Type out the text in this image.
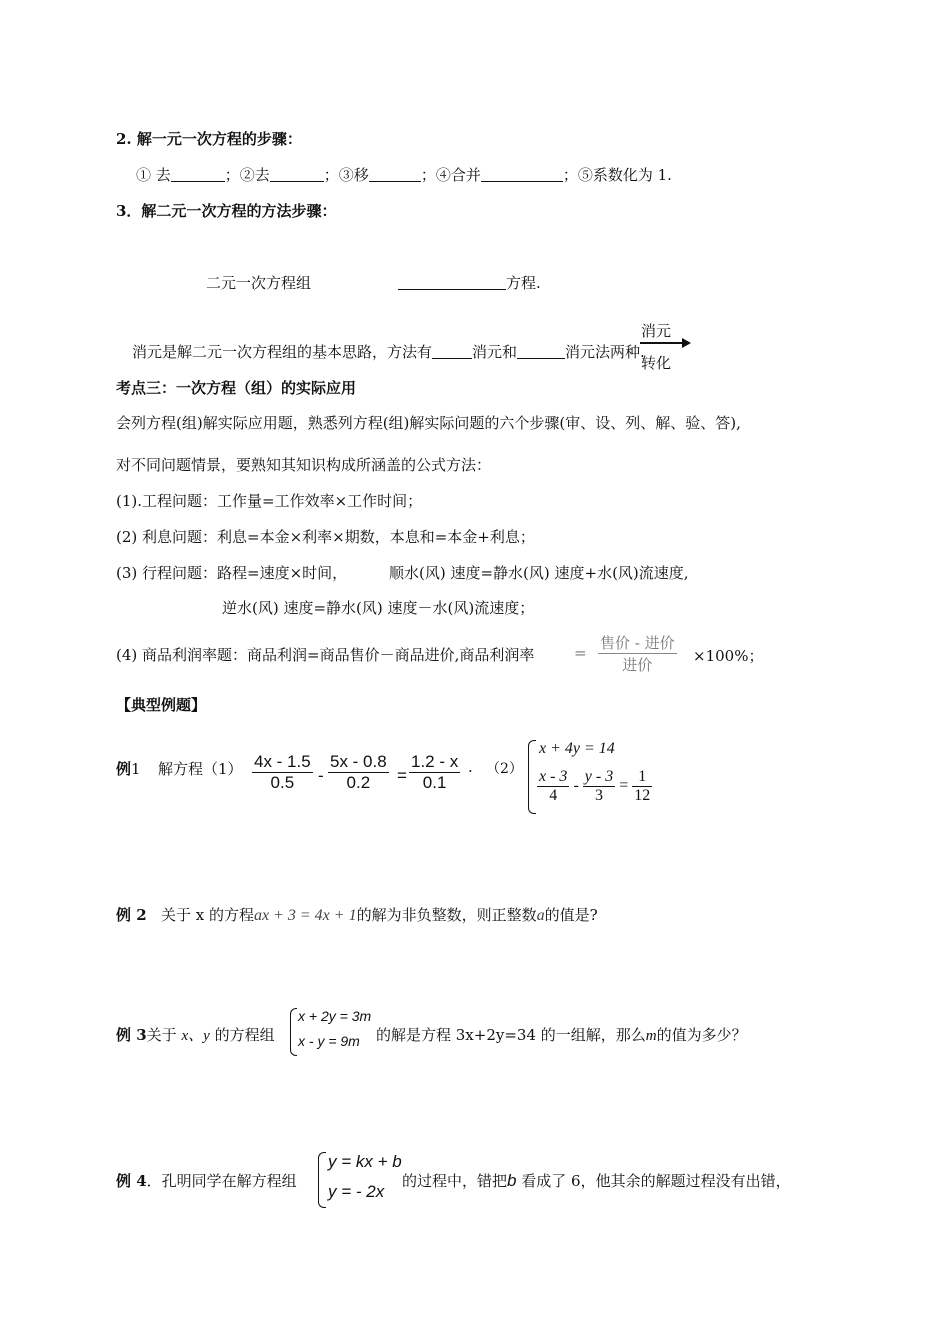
2. 解一元一次方程的步骤：
① 去	；②去	；③移	；④合并	；⑤系数化为 1.
3．解二元一次方程的方法步骤：
二元一次方程组	方程.
消元
转化
消元是解二元一次方程组的基本思路，方法有	消元和	消元法两种.
考点三：一次方程（组）的实际应用
会列方程(组)解实际应用题，熟悉列方程(组)解实际问题的六个步骤(审、设、列、解、验、答),
对不同问题情景，要熟知其知识构成所涵盖的公式方法：
(1).工程问题：工作量=工作效率×工作时间；
(2) 利息问题：利息=本金×利率×期数，本息和=本金+利息；
(3) 行程问题：路程=速度×时间，	顺水(风) 速度=静水(风) 速度+水(风)流速度,
逆水(风) 速度=静水(风) 速度－水(风)流速度；
(4) 商品利润率题：商品利润=商品售价－商品进价,商品利润率	= $\frac{\text{售价 - 进价}}{\text{进价}} \times 100\%$；
【典型例题】
例1 解方程$(1) \frac{4x - 1.5}{0.5} - \frac{5x - 0.8}{0.2} = \frac{1.2 - x}{0.1}$ . （2）
x + 4y = 14
$\frac{x - 3}{4} - \frac{y - 3}{3} = \frac{1}{12}$
例 2 关于 x 的方程ax + 3 = 4x + 1的解为非负整数，则正整数a的值是?
例 3关于 x、y 的方程组
x + 2y = 3m
x - y = 9m 的解是方程 3x+2y=34 的一组解，那么m的值为多少？
例 4．孔明同学在解方程组
y = kx + b
y = - 2x
的过程中，错把b 看成了 6，他其余的解题过程没有出错，
